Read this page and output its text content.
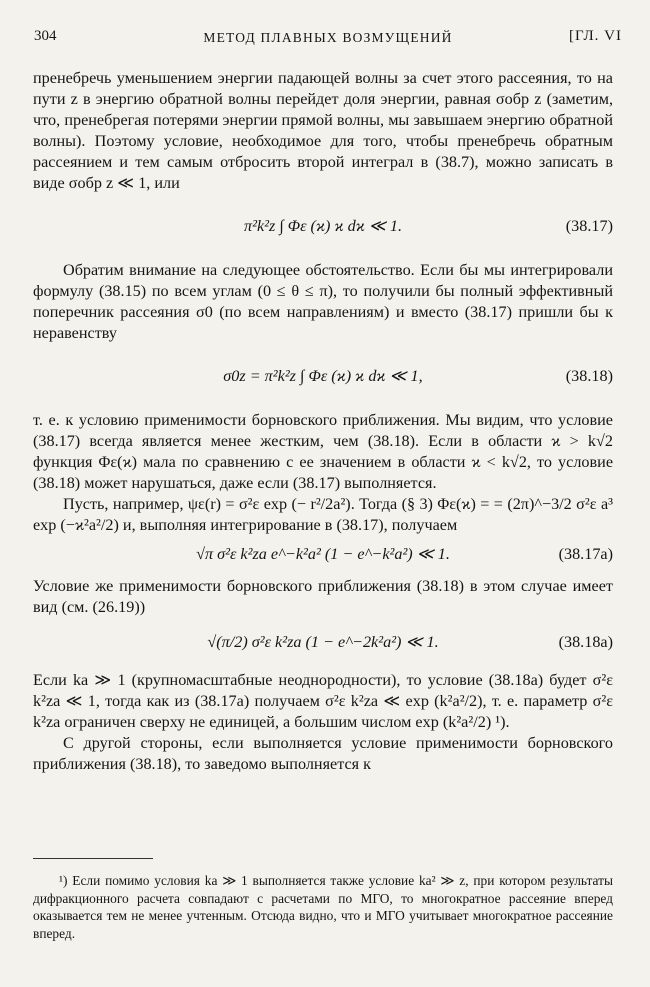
304	МЕТОД ПЛАВНЫХ ВОЗМУЩЕНИЙ	[ГЛ. VI

пренебречь уменьшением энергии падающей волны за счет этого рассеяния, то на пути z в энергию обратной волны перейдет доля энергии, равная σобр z (заметим, что, пренебрегая потерями энергии прямой волны, мы завышаем энергию обратной волны). Поэтому условие, необходимое для того, чтобы пренебречь обратным рассеянием и тем самым отбросить второй интеграл в (38.7), можно записать в виде σобр z ≪ 1, или

π²k²z ∫ Φε (ϰ) ϰ dϰ ≪ 1.	(38.17)

Обратим внимание на следующее обстоятельство. Если бы мы интегрировали формулу (38.15) по всем углам (0 ≤ θ ≤ π), то получили бы полный эффективный поперечник рассеяния σ0 (по всем направлениям) и вместо (38.17) пришли бы к неравенству

σ0z = π²k²z ∫ Φε (ϰ) ϰ dϰ ≪ 1,	(38.18)

т. е. к условию применимости борновского приближения. Мы видим, что условие (38.17) всегда является менее жестким, чем (38.18). Если в области ϰ > k√2 функция Φε(ϰ) мала по сравнению с ее значением в области ϰ < k√2, то условие (38.18) может нарушаться, даже если (38.17) выполняется.

Пусть, например, ψε(r) = σ²ε exp (− r²/2a²). Тогда (§ 3) Φε(ϰ) = = (2π)^−3/2 σ²ε a³ exp (−ϰ²a²/2) и, выполняя интегрирование в (38.17), получаем

√π σ²ε k²za e^−k²a² (1 − e^−k²a²) ≪ 1.	(38.17а)

Условие же применимости борновского приближения (38.18) в этом случае имеет вид (см. (26.19))

√(π/2) σ²ε k²za (1 − e^−2k²a²) ≪ 1.	(38.18а)

Если ka ≫ 1 (крупномасштабные неоднородности), то условие (38.18а) будет σ²ε k²za ≪ 1, тогда как из (38.17а) получаем σ²ε k²za ≪ exp (k²a²/2), т. е. параметр σ²ε k²za ограничен сверху не единицей, а большим числом exp (k²a²/2) ¹).

С другой стороны, если выполняется условие применимости борновского приближения (38.18), то заведомо выполняется к

¹) Если помимо условия ka ≫ 1 выполняется также условие ka² ≫ z, при котором результаты дифракционного расчета совпадают с расчетами по МГО, то многократное рассеяние вперед оказывается тем не менее учтенным. Отсюда видно, что и МГО учитывает многократное рассеяние вперед.
